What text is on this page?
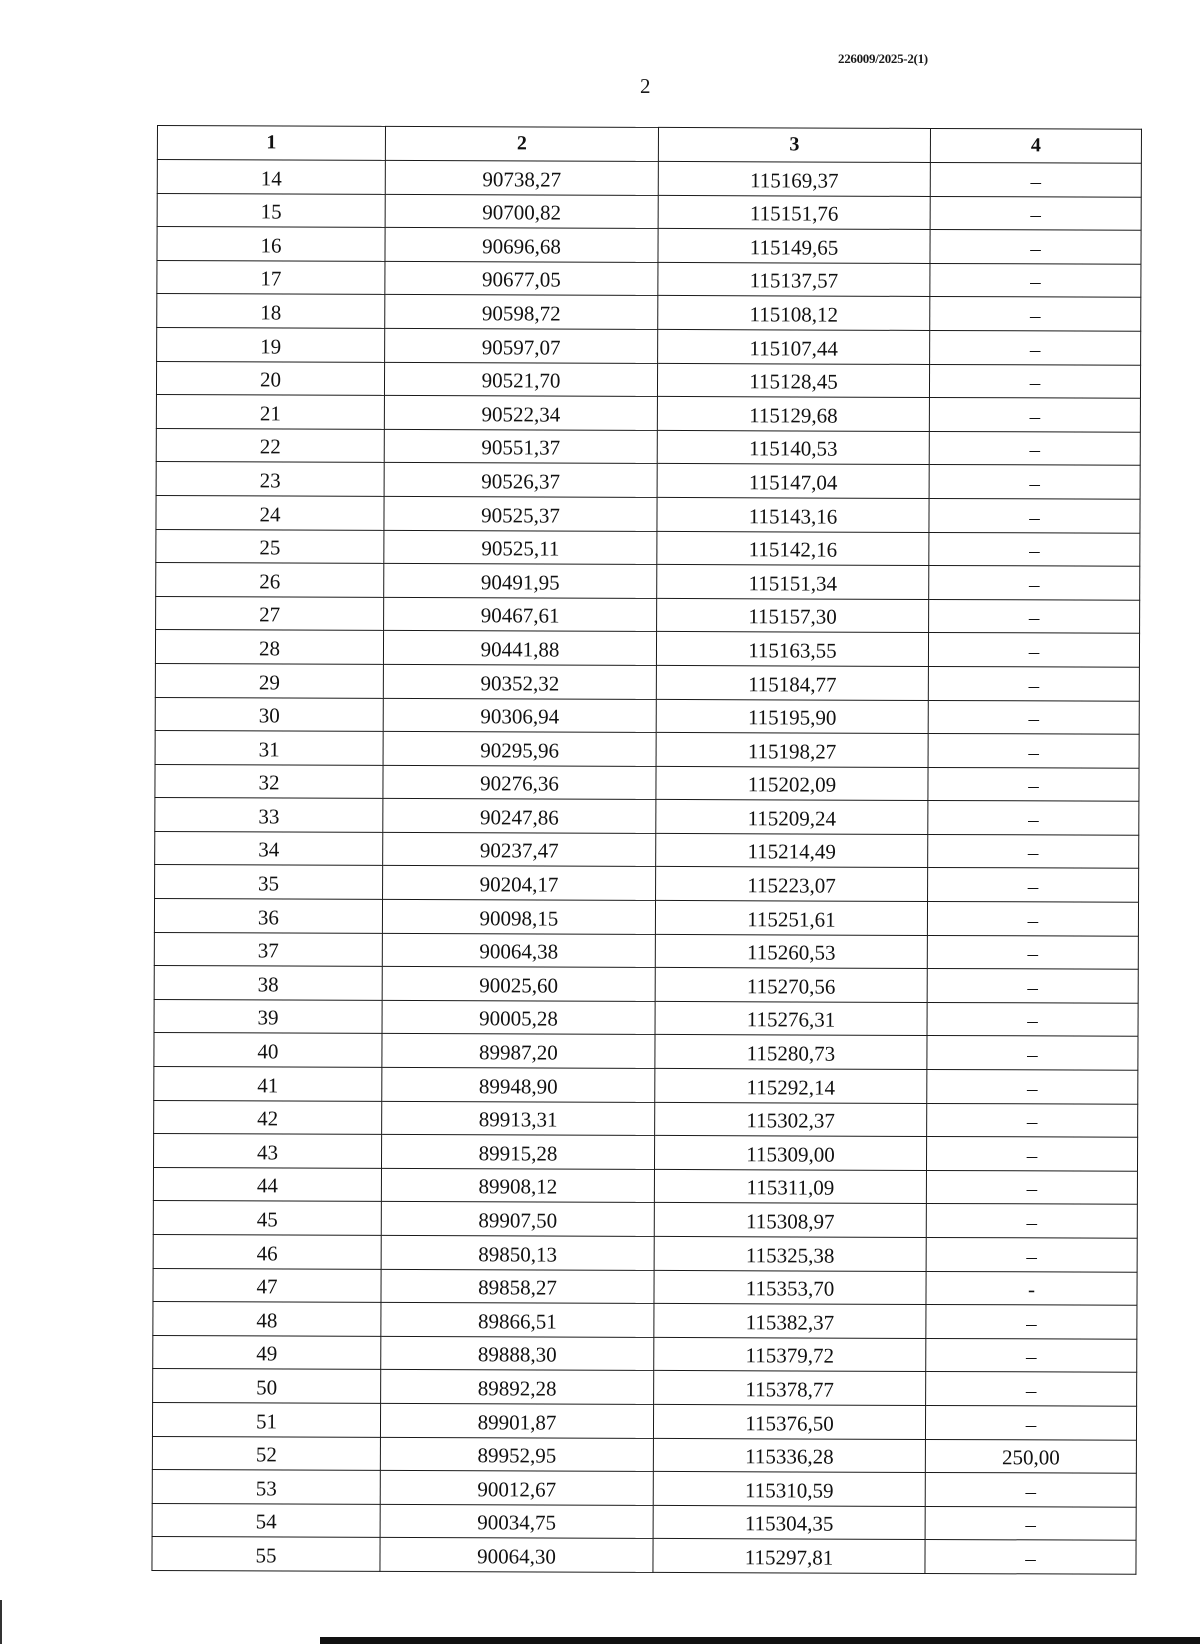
226009/2025-2(1)
2
1	2	3	4
14	90738,27	115169,37	–
15	90700,82	115151,76	–
16	90696,68	115149,65	–
17	90677,05	115137,57	–
18	90598,72	115108,12	–
19	90597,07	115107,44	–
20	90521,70	115128,45	–
21	90522,34	115129,68	–
22	90551,37	115140,53	–
23	90526,37	115147,04	–
24	90525,37	115143,16	–
25	90525,11	115142,16	–
26	90491,95	115151,34	–
27	90467,61	115157,30	–
28	90441,88	115163,55	–
29	90352,32	115184,77	–
30	90306,94	115195,90	–
31	90295,96	115198,27	–
32	90276,36	115202,09	–
33	90247,86	115209,24	–
34	90237,47	115214,49	–
35	90204,17	115223,07	–
36	90098,15	115251,61	–
37	90064,38	115260,53	–
38	90025,60	115270,56	–
39	90005,28	115276,31	–
40	89987,20	115280,73	–
41	89948,90	115292,14	–
42	89913,31	115302,37	–
43	89915,28	115309,00	–
44	89908,12	115311,09	–
45	89907,50	115308,97	–
46	89850,13	115325,38	–
47	89858,27	115353,70	-
48	89866,51	115382,37	–
49	89888,30	115379,72	–
50	89892,28	115378,77	–
51	89901,87	115376,50	–
52	89952,95	115336,28	250,00
53	90012,67	115310,59	–
54	90034,75	115304,35	–
55	90064,30	115297,81	–
